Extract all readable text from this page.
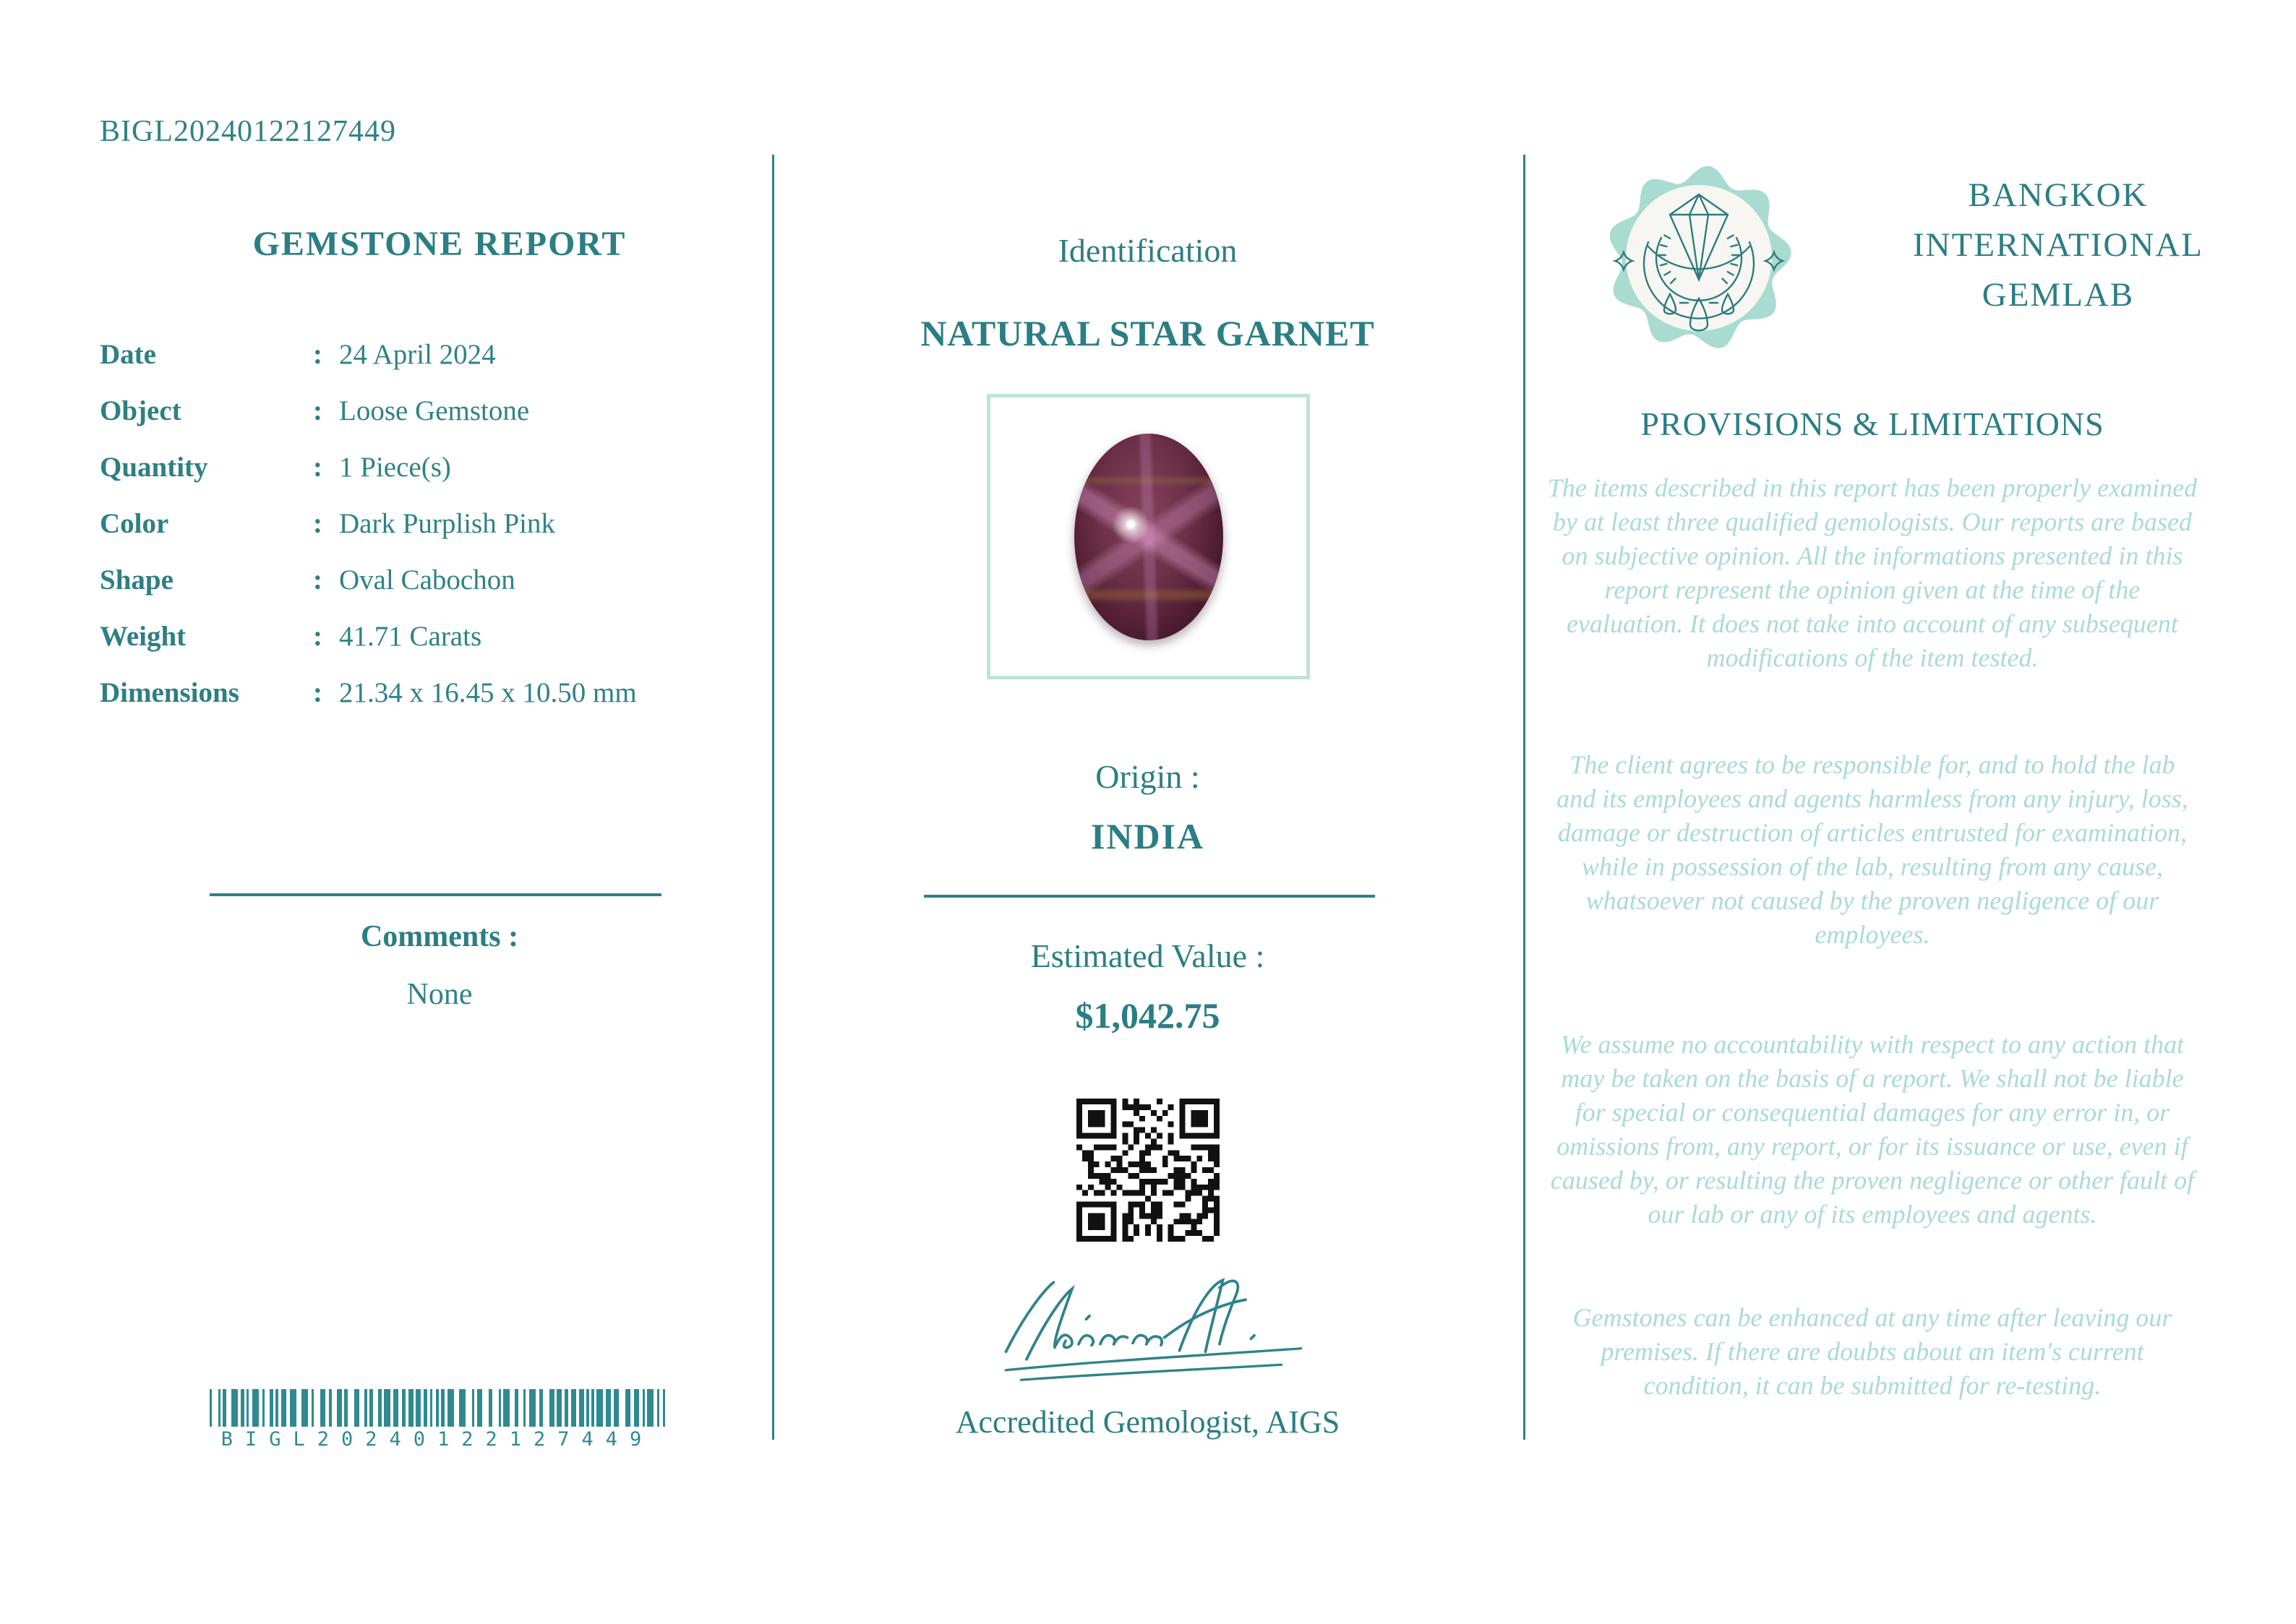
BIGL20240122127449
GEMSTONE REPORT
Date	: 24 April 2024
Object	: Loose Gemstone
Quantity	: 1 Piece(s)
Color	: Dark Purplish Pink
Shape	: Oval Cabochon
Weight	: 41.71 Carats
Dimensions	: 21.34 x 16.45 x 10.50 mm
Comments :
None
BIGL20240122127449
Identification
NATURAL STAR GARNET
Origin :
INDIA
Estimated Value :
$1,042.75
Accredited Gemologist, AIGS
BANGKOK
INTERNATIONAL
GEMLAB
PROVISIONS & LIMITATIONS
The items described in this report has been properly examined by at least three qualified gemologists. Our reports are based on subjective opinion. All the informations presented in this report represent the opinion given at the time of the evaluation. It does not take into account of any subsequent modifications of the item tested.
The client agrees to be responsible for, and to hold the lab and its employees and agents harmless from any injury, loss, damage or destruction of articles entrusted for examination, while in possession of the lab, resulting from any cause, whatsoever not caused by the proven negligence of our employees.
We assume no accountability with respect to any action that may be taken on the basis of a report. We shall not be liable for special or consequential damages for any error in, or omissions from, any report, or for its issuance or use, even if caused by, or resulting the proven negligence or other fault of our lab or any of its employees and agents.
Gemstones can be enhanced at any time after leaving our premises. If there are doubts about an item's current condition, it can be submitted for re-testing.
